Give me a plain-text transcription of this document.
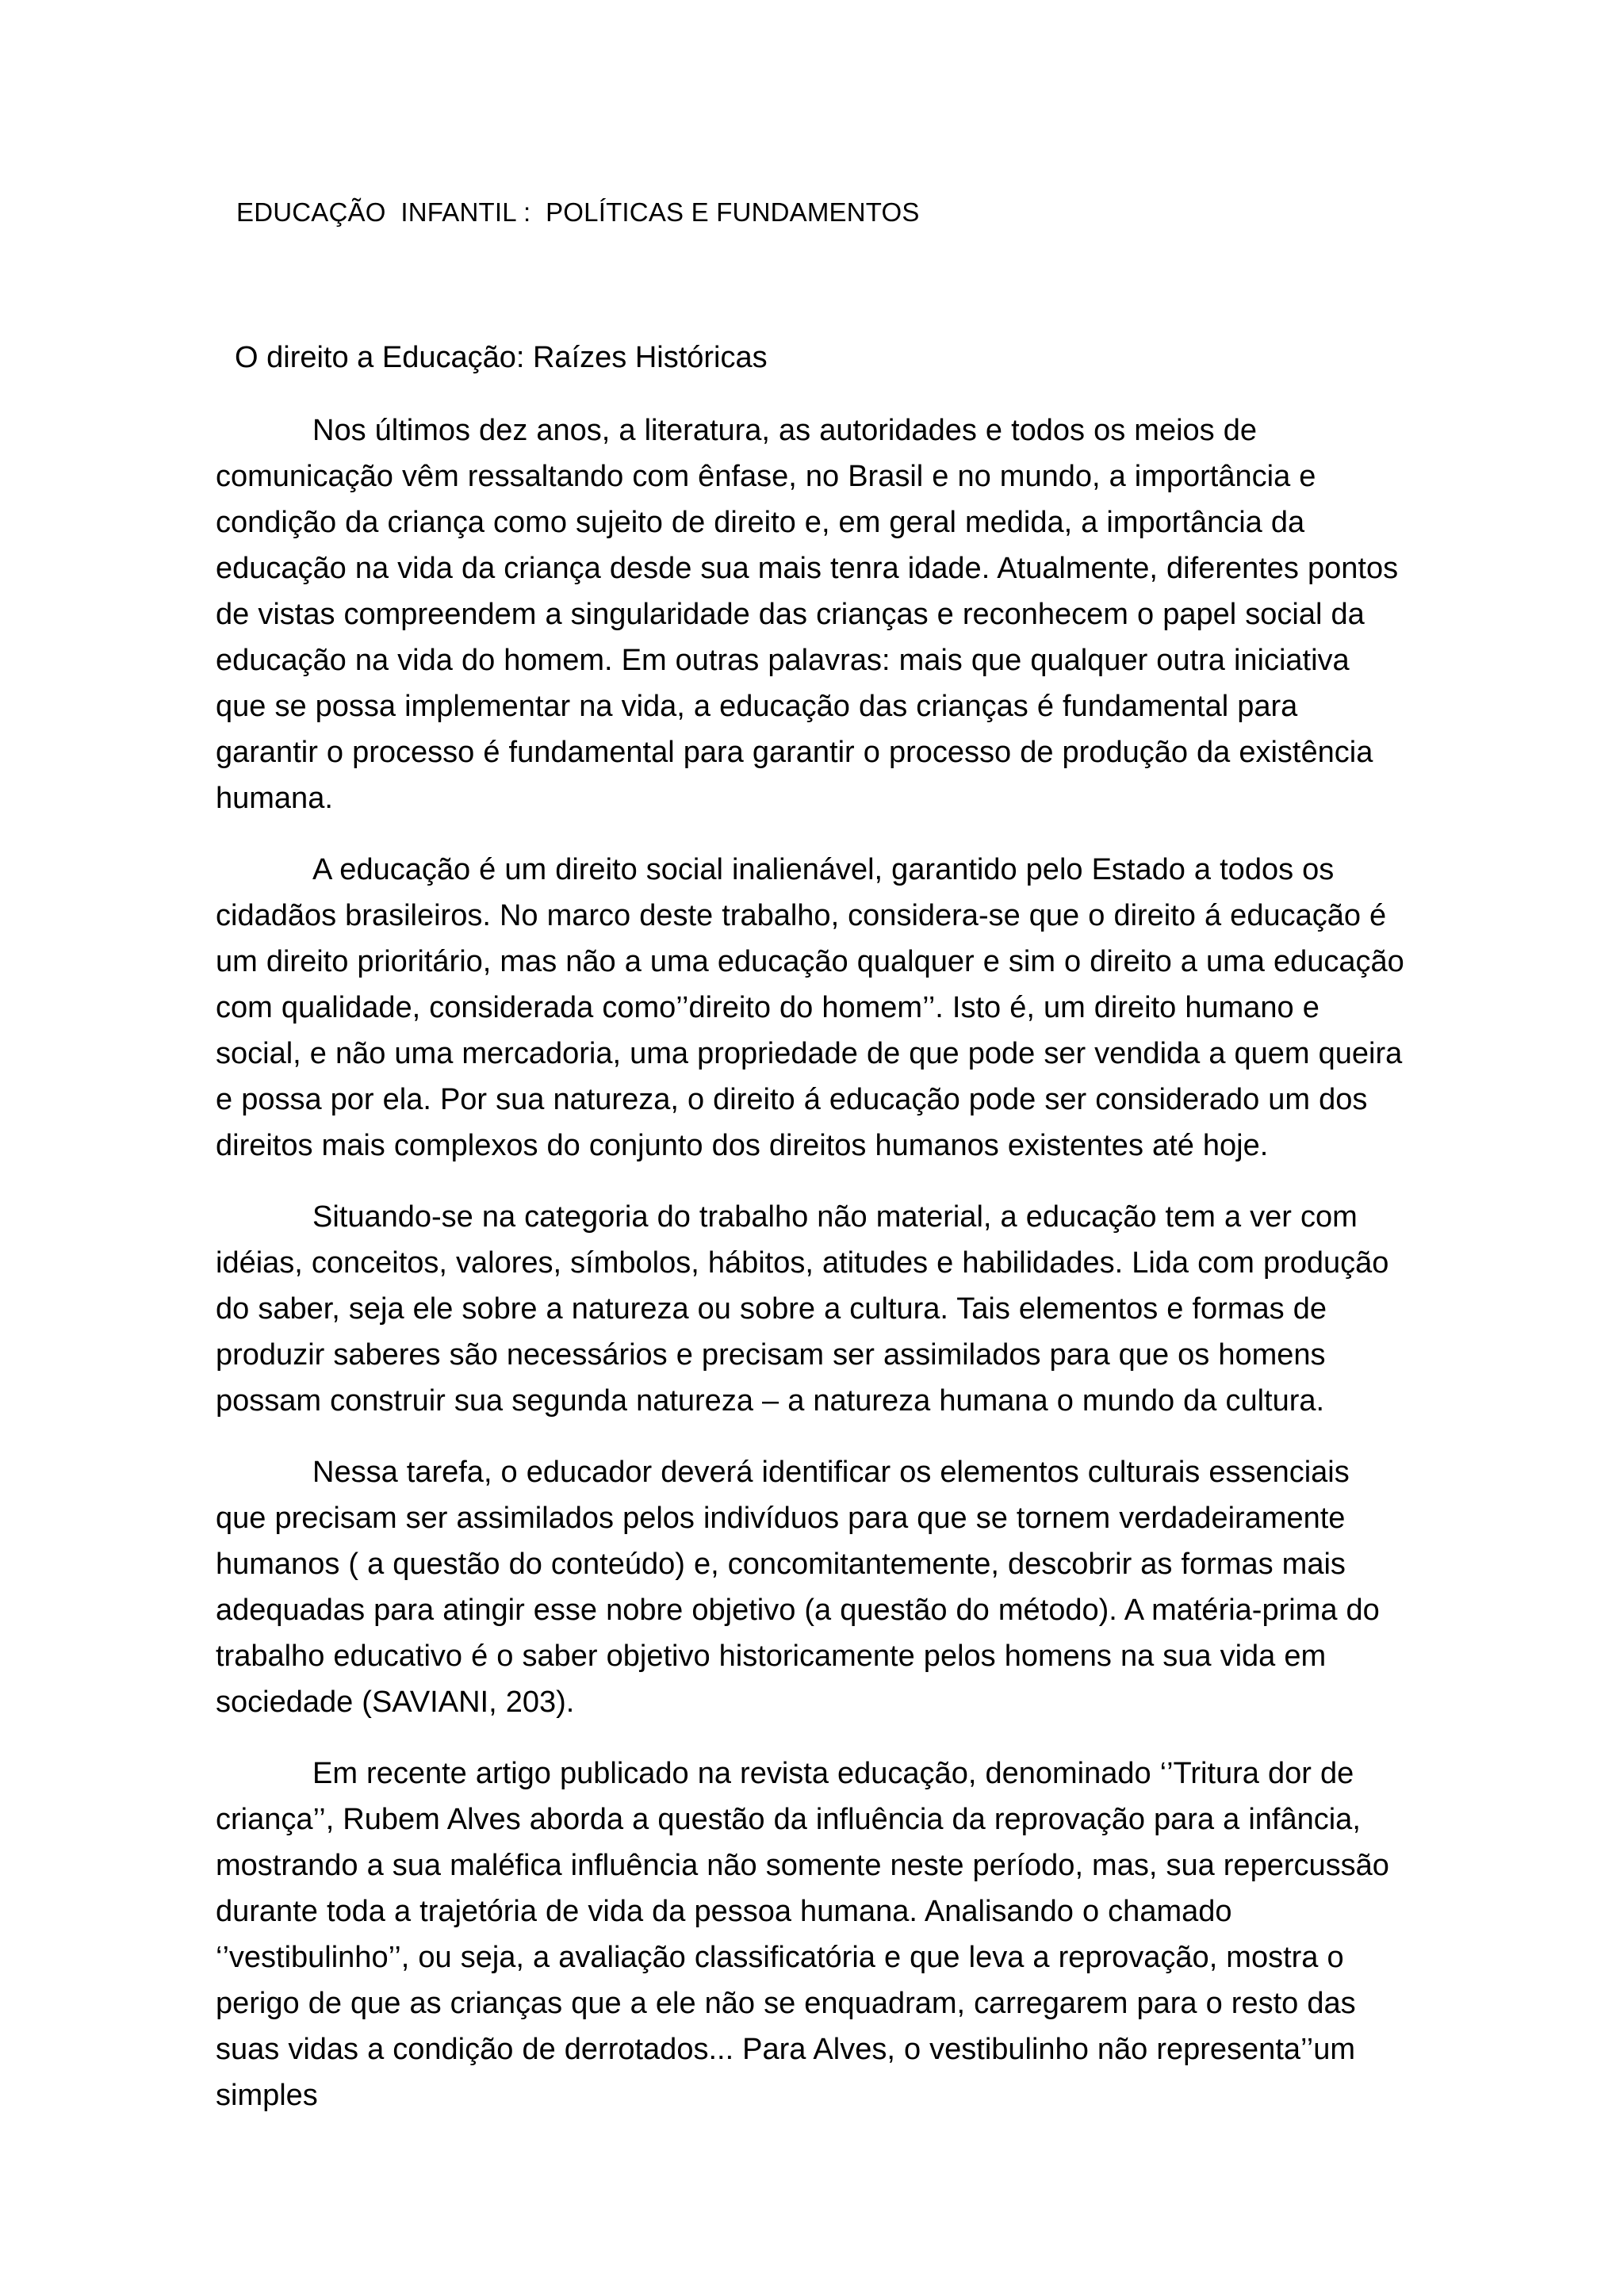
EDUCAÇÃO  INFANTIL :  POLÍTICAS E FUNDAMENTOS
O direito a Educação: Raízes Históricas

Nos últimos dez anos, a literatura, as autoridades e todos os meios de comunicação vêm ressaltando com ênfase, no Brasil e no mundo, a importância e condição da criança como sujeito de direito e, em geral medida, a importância da educação na vida da criança desde sua mais tenra idade. Atualmente, diferentes pontos de vistas compreendem a singularidade das crianças e reconhecem o papel social da educação na vida do homem. Em outras palavras: mais que qualquer outra iniciativa que se possa implementar na vida, a educação das crianças é fundamental para garantir o processo é fundamental para garantir o processo de produção da existência humana.

A educação é um direito social inalienável, garantido pelo Estado a todos os cidadãos brasileiros. No marco deste trabalho, considera-se que o direito á educação é um direito prioritário, mas não a uma educação qualquer e sim o direito a uma educação com qualidade, considerada como’’direito do homem’’. Isto é, um direito humano e social, e não uma mercadoria, uma propriedade de que pode ser vendida a quem queira e possa por ela. Por sua natureza, o direito á educação pode ser considerado um dos direitos mais complexos do conjunto dos direitos humanos existentes até hoje.

Situando-se na categoria do trabalho não material, a educação tem a ver com idéias, conceitos, valores, símbolos, hábitos, atitudes e habilidades. Lida com produção do saber, seja ele sobre a natureza ou sobre a cultura. Tais elementos e formas de produzir saberes são necessários e precisam ser assimilados para que os homens possam construir sua segunda natureza – a natureza humana o mundo da cultura.

Nessa tarefa, o educador deverá identificar os elementos culturais essenciais que precisam ser assimilados pelos indivíduos para que se tornem verdadeiramente humanos ( a questão do conteúdo) e, concomitantemente, descobrir as formas mais adequadas para atingir esse nobre objetivo (a questão do método). A matéria-prima do trabalho educativo é o saber objetivo historicamente pelos homens na sua vida em sociedade (SAVIANI, 203).

Em recente artigo publicado na revista educação, denominado ‘’Tritura dor de criança’’, Rubem Alves aborda a questão da influência da reprovação para a infância, mostrando a sua maléfica influência não somente neste período, mas, sua repercussão durante toda a trajetória de vida da pessoa humana. Analisando o chamado ‘’vestibulinho’’, ou seja, a avaliação classificatória e que leva a reprovação, mostra o perigo de que as crianças que a ele não se enquadram, carregarem para o resto das suas vidas a condição de derrotados... Para Alves, o vestibulinho não representa’’um simples
